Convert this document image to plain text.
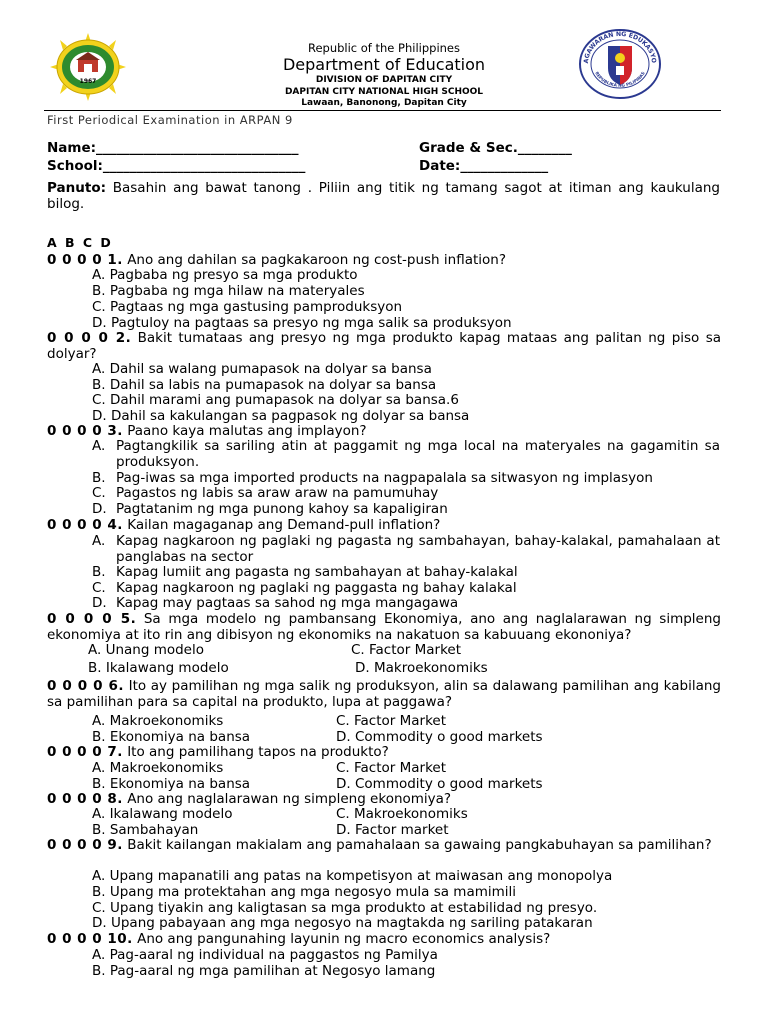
1967
Republic of the Philippines
Department of Education
DIVISION OF DAPITAN CITY
DAPITAN CITY NATIONAL HIGH SCHOOL
Lawaan, Banonong, Dapitan City
AGAWARAN NG EDUKASYO
REPUBLIKA NG PILIPINAS
First Periodical Examination in ARPAN 9
Name:______________________________	Grade & Sec.________
School:______________________________	Date:_____________
Panuto: Basahin ang bawat tanong . Piliin ang titik ng tamang sagot at itiman ang kaukulang bilog.
A B C D
0 0 0 0 1. Ano ang dahilan sa pagkakaroon ng cost-push inflation?
A. Pagbaba ng presyo sa mga produkto
B. Pagbaba ng mga hilaw na materyales
C. Pagtaas ng mga gastusing pamproduksyon
D. Pagtuloy na pagtaas sa presyo ng mga salik sa produksyon
0 0 0 0 2. Bakit tumataas ang presyo ng mga produkto kapag mataas ang palitan ng piso sa dolyar?
A. Dahil sa walang pumapasok na dolyar sa bansa
B. Dahil sa labis na pumapasok na dolyar sa bansa
C. Dahil marami ang pumapasok na dolyar sa bansa.6
D. Dahil sa kakulangan sa pagpasok ng dolyar sa bansa
0 0 0 0 3. Paano kaya malutas ang implayon?
A. Pagtangkilik sa sariling atin at paggamit ng mga local na materyales na gagamitin sa produksyon.
B. Pag-iwas sa mga imported products na nagpapalala sa sitwasyon ng implasyon
C. Pagastos ng labis sa araw araw na pamumuhay
D. Pagtatanim ng mga punong kahoy sa kapaligiran
0 0 0 0 4. Kailan magaganap ang Demand-pull inflation?
A. Kapag nagkaroon ng paglaki ng pagasta ng sambahayan, bahay-kalakal, pamahalaan at panglabas na sector
B. Kapag lumiit ang pagasta ng sambahayan at bahay-kalakal
C. Kapag nagkaroon ng paglaki ng paggasta ng bahay kalakal
D. Kapag may pagtaas sa sahod ng mga mangagawa
0 0 0 0 5. Sa mga modelo ng pambansang Ekonomiya, ano ang naglalarawan ng simpleng ekonomiya at ito rin ang dibisyon ng ekonomiks na nakatuon sa kabuuang ekononiya?
A. Unang modelo	C. Factor Market
B. Ikalawang modelo	D. Makroekonomiks
0 0 0 0 6. Ito ay pamilihan ng mga salik ng produksyon, alin sa dalawang pamilihan ang kabilang sa pamilihan para sa capital na produkto, lupa at paggawa?
A. Makroekonomiks	C. Factor Market
B. Ekonomiya na bansa	D. Commodity o good markets
0 0 0 0 7. Ito ang pamilihang tapos na produkto?
A. Makroekonomiks	C. Factor Market
B. Ekonomiya na bansa	D. Commodity o good markets
0 0 0 0 8. Ano ang naglalarawan ng simpleng ekonomiya?
A. Ikalawang modelo	C. Makroekonomiks
B. Sambahayan	D. Factor market
0 0 0 0 9. Bakit kailangan makialam ang pamahalaan sa gawaing pangkabuhayan sa pamilihan?
A. Upang mapanatili ang patas na kompetisyon at maiwasan ang monopolya
B. Upang ma protektahan ang mga negosyo mula sa mamimili
C. Upang tiyakin ang kaligtasan sa mga produkto at estabilidad ng presyo.
D. Upang pabayaan ang mga negosyo na magtakda ng sariling patakaran
0 0 0 0 10. Ano ang pangunahing layunin ng macro economics analysis?
A. Pag-aaral ng individual na paggastos ng Pamilya
B. Pag-aaral ng mga pamilihan at Negosyo lamang
